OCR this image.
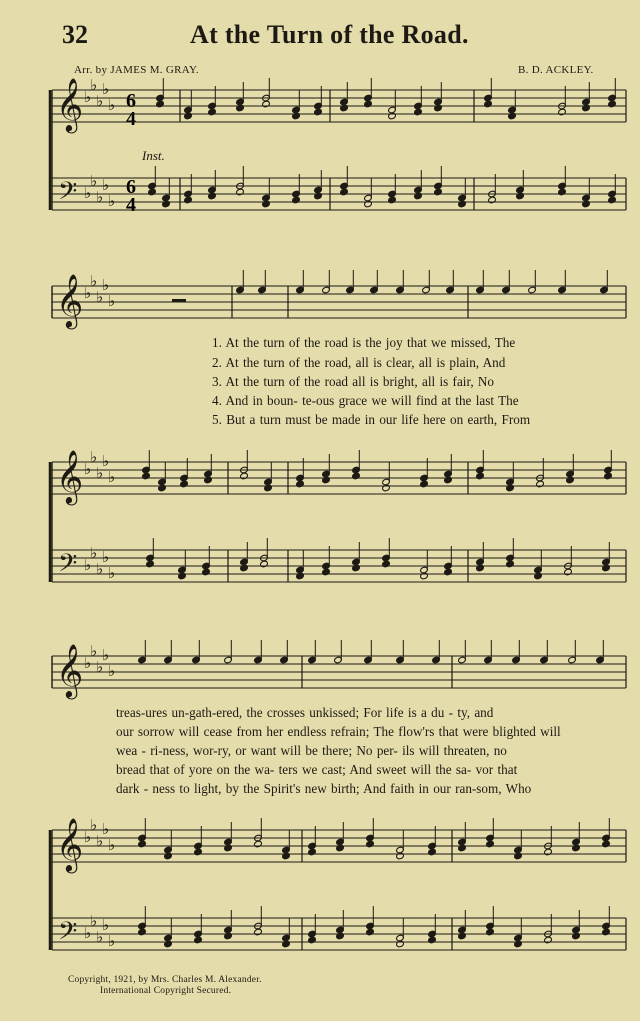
32	At the Turn of the Road.
Arr. by JAMES M. GRAY.	B. D. ACKLEY.
6
4
6
4
𝄞
𝄢
♭
♭
♭
♭
♭
♭
♭
♭
♭
♭
𝄞 ♭
♭
♭
♭
♭
𝄞
𝄢
♭
♭
♭
♭
♭
♭
♭
♭
♭
♭
𝄞 ♭
♭
♭
♭
♭
𝄞
𝄢
♭
♭
♭
♭
♭
♭
♭
♭
♭
♭
Inst.
1. At the turn of the road is the joy that we missed, The
2. At the turn of the road, all is clear, all is plain, And
3. At the turn of the road all is bright, all is fair, No
4. And in boun- te-ous grace we will find at the last The
5. But a turn must be made in our life here on earth, From
treas-ures un-gath-ered, the crosses unkissed; For life is a du - ty, and
our sorrow will cease from her endless refrain; The flow'rs that were blighted will
wea - ri-ness, wor-ry, or want will be there; No per- ils will threaten, no
bread that of yore on the wa- ters we cast; And sweet will the sa- vor that
dark - ness to light, by the Spirit's new birth; And faith in our ran-som, Who
Copyright, 1921, by Mrs. Charles M. Alexander.
International Copyright Secured.
